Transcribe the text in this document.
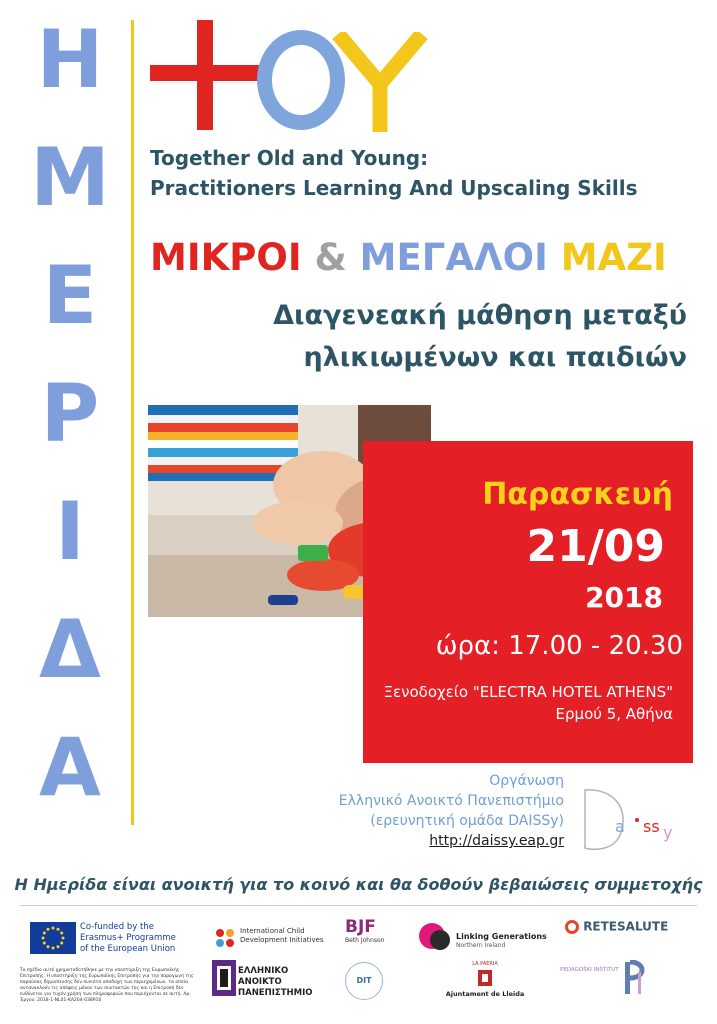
Η
Μ
Ε
Ρ
Ι
Δ
Α
Together Old and Young:
Practitioners Learning And Upscaling Skills
ΜΙΚΡΟΙ & ΜΕΓΑΛΟΙ ΜΑΖΙ
Διαγενεακή μάθηση μεταξύ
ηλικιωμένων και παιδιών
Παρασκευή
21/09
2018
ώρα: 17.00 - 20.30
Ξενοδοχείο "ELECTRA HOTEL ATHENS"
Ερμού 5, Αθήνα
Οργάνωση
Ελληνικό Ανοικτό Πανεπιστήμιο
(ερευνητική ομάδα DAISSy)
http://daissy.eap.gr
a ss y
Η Ημερίδα είναι ανοικτή για το κοινό και θα δοθούν βεβαιώσεις συμμετοχής
Co-funded by the
Erasmus+ Programme
of the European Union
Το σχέδιο αυτό χρηματοδοτήθηκε με την υποστήριξη της Ευρωπαϊκής Επιτροπής. Η υποστήριξη της Ευρωπαϊκής Επιτροπής για την παραγωγή της παρούσας δημοσίευσης δεν συνιστά αποδοχή των περιεχομένων, τα οποία αντανακλούν τις απόψεις μόνον των συντακτών της και η Επιτροπή δεν ευθύνεται για τυχόν χρήση των πληροφοριών που περιέχονται σε αυτή. Αρ. Έργου: 2018-1-NL01-KA204-038910
International Child Development Initiatives
BJF
Beth Johnson	Linking Generations
Northern Ireland
RETESALUTE
ΕΛΛΗΝΙΚΟ
ΑΝΟΙΚΤΟ
ΠΑΝΕΠΙΣΤΗΜΙΟ
DIT
LA PAERIA
Ajuntament de Lleida
PEDAGOŠKI INŠTITUT
